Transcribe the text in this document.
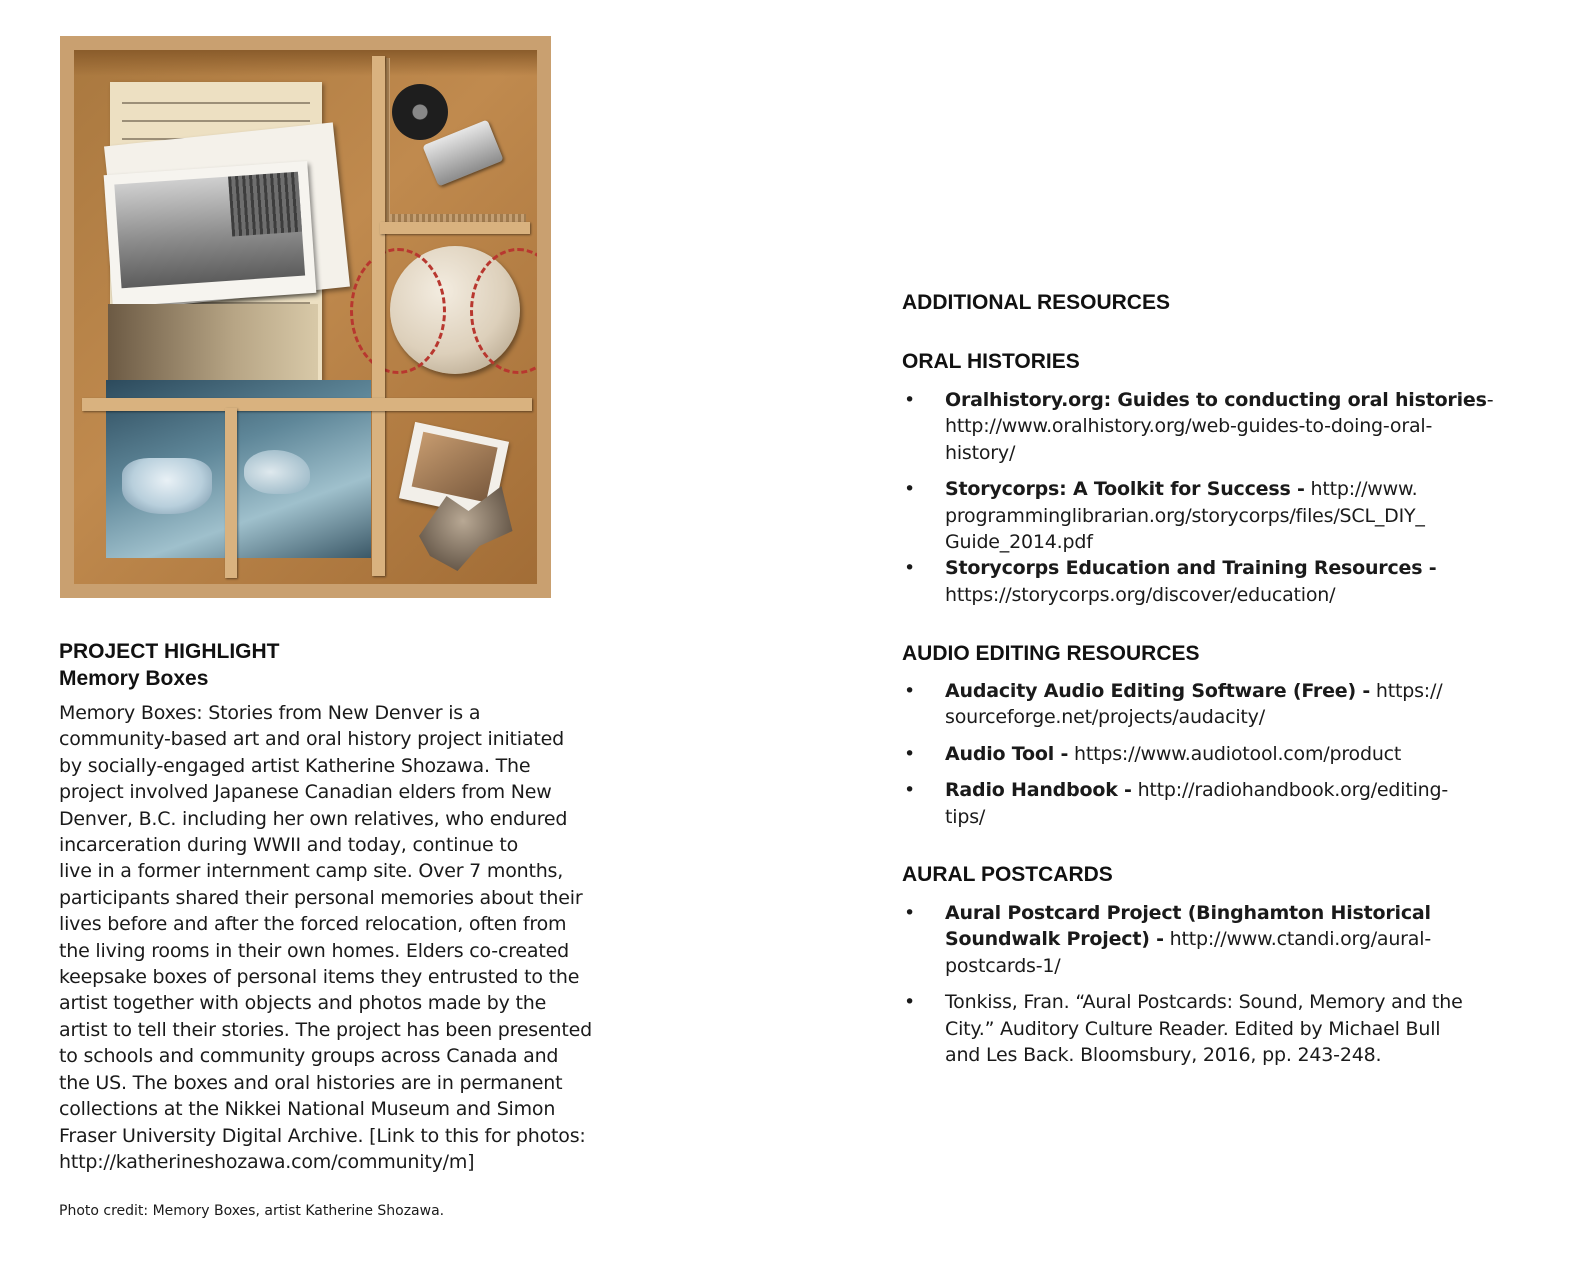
PROJECT HIGHLIGHT
Memory Boxes

Memory Boxes: Stories from New Denver is a
community-based art and oral history project initiated
by socially-engaged artist Katherine Shozawa. The
project involved Japanese Canadian elders from New
Denver, B.C. including her own relatives, who endured
incarceration during WWII and today, continue to
live in a former internment camp site. Over 7 months,
participants shared their personal memories about their
lives before and after the forced relocation, often from
the living rooms in their own homes. Elders co-created
keepsake boxes of personal items they entrusted to the
artist together with objects and photos made by the
artist to tell their stories. The project has been presented
to schools and community groups across Canada and
the US. The boxes and oral histories are in permanent
collections at the Nikkei National Museum and Simon
Fraser University Digital Archive. [Link to this for photos:
http://katherineshozawa.com/community/m]

Photo credit: Memory Boxes, artist Katherine Shozawa.

ADDITIONAL RESOURCES
ORAL HISTORIES
• Oralhistory.org: Guides to conducting oral histories- http://www.oralhistory.org/web-guides-to-doing-oral-
history/
• Storycorps: A Toolkit for Success - http://www.
programminglibrarian.org/storycorps/files/SCL_DIY_
Guide_2014.pdf
• Storycorps Education and Training Resources -https://storycorps.org/discover/education/
AUDIO EDITING RESOURCES
• Audacity Audio Editing Software (Free) - https://
sourceforge.net/projects/audacity/
• Audio Tool - https://www.audiotool.com/product
• Radio Handbook - http://radiohandbook.org/editing-
tips/
AURAL POSTCARDS
• Aural Postcard Project (Binghamton Historical Soundwalk Project) - http://www.ctandi.org/aural-
postcards-1/
• Tonkiss, Fran. “Aural Postcards: Sound, Memory and the
City.” Auditory Culture Reader. Edited by Michael Bull
and Les Back. Bloomsbury, 2016, pp. 243-248.
